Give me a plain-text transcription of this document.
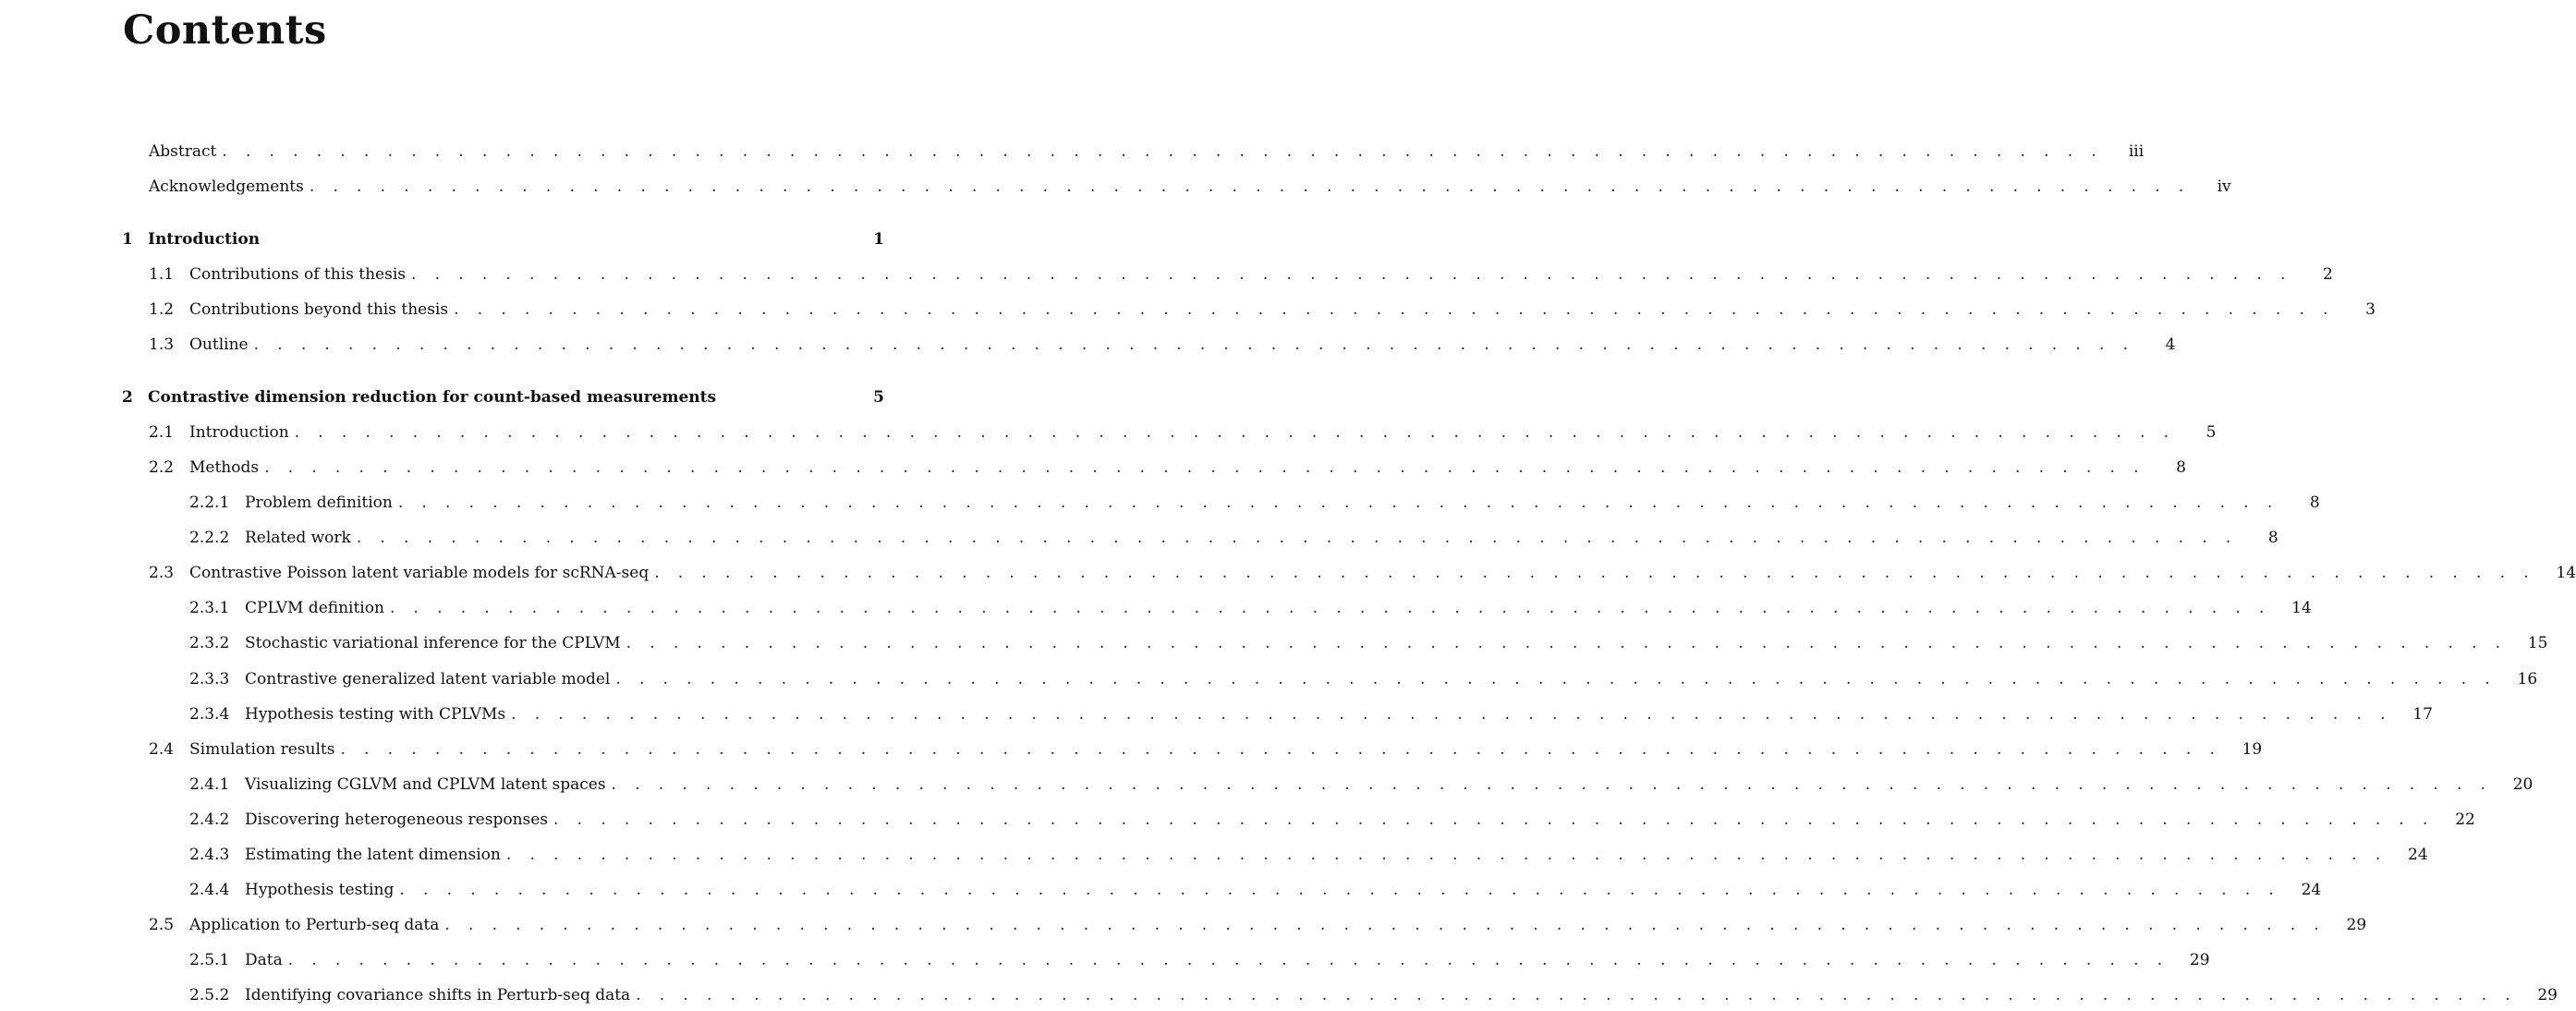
Contents
Abstract . . . . . . . . . . . . . . . . . . . . . . . . . . . . . . . . . . . . . . . . . . . . . . . . . . . . . . . . . . . . . . . . . . . . . . . . . . . . . . . .	iii
Acknowledgements . . . . . . . . . . . . . . . . . . . . . . . . . . . . . . . . . . . . . . . . . . . . . . . . . . . . . . . . . . . . . . . . . . . . . . . . . . . . . . . .	iv
1 Introduction	1
1.1 Contributions of this thesis . . . . . . . . . . . . . . . . . . . . . . . . . . . . . . . . . . . . . . . . . . . . . . . . . . . . . . . . . . . . . . . . . . . . . . . . . . . . . . . .	2
1.2 Contributions beyond this thesis . . . . . . . . . . . . . . . . . . . . . . . . . . . . . . . . . . . . . . . . . . . . . . . . . . . . . . . . . . . . . . . . . . . . . . . . . . . . . . . .	3
1.3 Outline . . . . . . . . . . . . . . . . . . . . . . . . . . . . . . . . . . . . . . . . . . . . . . . . . . . . . . . . . . . . . . . . . . . . . . . . . . . . . . . .	4
2 Contrastive dimension reduction for count-based measurements	5
2.1 Introduction . . . . . . . . . . . . . . . . . . . . . . . . . . . . . . . . . . . . . . . . . . . . . . . . . . . . . . . . . . . . . . . . . . . . . . . . . . . . . . . .	5
2.2 Methods . . . . . . . . . . . . . . . . . . . . . . . . . . . . . . . . . . . . . . . . . . . . . . . . . . . . . . . . . . . . . . . . . . . . . . . . . . . . . . . .	8
2.2.1 Problem definition . . . . . . . . . . . . . . . . . . . . . . . . . . . . . . . . . . . . . . . . . . . . . . . . . . . . . . . . . . . . . . . . . . . . . . . . . . . . . . . .	8
2.2.2 Related work . . . . . . . . . . . . . . . . . . . . . . . . . . . . . . . . . . . . . . . . . . . . . . . . . . . . . . . . . . . . . . . . . . . . . . . . . . . . . . . .	8
2.3 Contrastive Poisson latent variable models for scRNA-seq . . . . . . . . . . . . . . . . . . . . . . . . . . . . . . . . . . . . . . . . . . . . . . . . . . . . . . . . . . . . . . . . . . . . . . . . . . . . . . . .	14
2.3.1 CPLVM definition . . . . . . . . . . . . . . . . . . . . . . . . . . . . . . . . . . . . . . . . . . . . . . . . . . . . . . . . . . . . . . . . . . . . . . . . . . . . . . . .	14
2.3.2 Stochastic variational inference for the CPLVM . . . . . . . . . . . . . . . . . . . . . . . . . . . . . . . . . . . . . . . . . . . . . . . . . . . . . . . . . . . . . . . . . . . . . . . . . . . . . . . .	15
2.3.3 Contrastive generalized latent variable model . . . . . . . . . . . . . . . . . . . . . . . . . . . . . . . . . . . . . . . . . . . . . . . . . . . . . . . . . . . . . . . . . . . . . . . . . . . . . . . .	16
2.3.4 Hypothesis testing with CPLVMs . . . . . . . . . . . . . . . . . . . . . . . . . . . . . . . . . . . . . . . . . . . . . . . . . . . . . . . . . . . . . . . . . . . . . . . . . . . . . . . .	17
2.4 Simulation results . . . . . . . . . . . . . . . . . . . . . . . . . . . . . . . . . . . . . . . . . . . . . . . . . . . . . . . . . . . . . . . . . . . . . . . . . . . . . . . .	19
2.4.1 Visualizing CGLVM and CPLVM latent spaces . . . . . . . . . . . . . . . . . . . . . . . . . . . . . . . . . . . . . . . . . . . . . . . . . . . . . . . . . . . . . . . . . . . . . . . . . . . . . . . .	20
2.4.2 Discovering heterogeneous responses . . . . . . . . . . . . . . . . . . . . . . . . . . . . . . . . . . . . . . . . . . . . . . . . . . . . . . . . . . . . . . . . . . . . . . . . . . . . . . . .	22
2.4.3 Estimating the latent dimension . . . . . . . . . . . . . . . . . . . . . . . . . . . . . . . . . . . . . . . . . . . . . . . . . . . . . . . . . . . . . . . . . . . . . . . . . . . . . . . .	24
2.4.4 Hypothesis testing . . . . . . . . . . . . . . . . . . . . . . . . . . . . . . . . . . . . . . . . . . . . . . . . . . . . . . . . . . . . . . . . . . . . . . . . . . . . . . . .	24
2.5 Application to Perturb-seq data . . . . . . . . . . . . . . . . . . . . . . . . . . . . . . . . . . . . . . . . . . . . . . . . . . . . . . . . . . . . . . . . . . . . . . . . . . . . . . . .	29
2.5.1 Data . . . . . . . . . . . . . . . . . . . . . . . . . . . . . . . . . . . . . . . . . . . . . . . . . . . . . . . . . . . . . . . . . . . . . . . . . . . . . . . .	29
2.5.2 Identifying covariance shifts in Perturb-seq data . . . . . . . . . . . . . . . . . . . . . . . . . . . . . . . . . . . . . . . . . . . . . . . . . . . . . . . . . . . . . . . . . . . . . . . . . . . . . . . .	29
